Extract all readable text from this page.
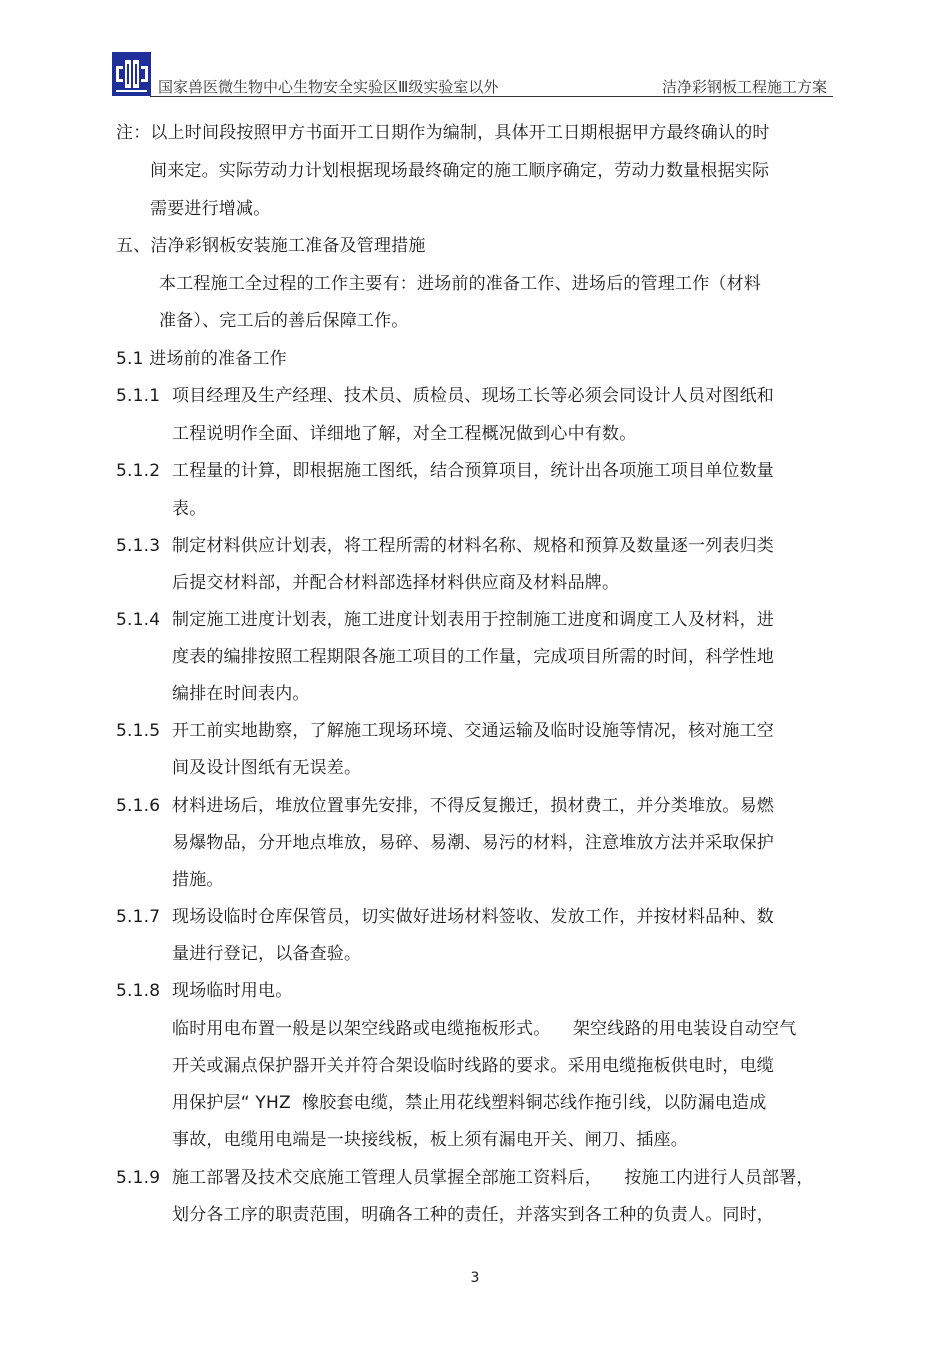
国家兽医微生物中心生物安全实验区Ⅲ级实验室以外	洁净彩钢板工程施工方案
注：以上时间段按照甲方书面开工日期作为编制，具体开工日期根据甲方最终确认的时
间来定。实际劳动力计划根据现场最终确定的施工顺序确定，劳动力数量根据实际
需要进行增减。
五、洁净彩钢板安装施工准备及管理措施
本工程施工全过程的工作主要有：进场前的准备工作、进场后的管理工作（材料
准备）、完工后的善后保障工作。
5.1 进场前的准备工作
5.1.1 项目经理及生产经理、技术员、质检员、现场工长等必须会同设计人员对图纸和
工程说明作全面、详细地了解，对全工程概况做到心中有数。
5.1.2 工程量的计算，即根据施工图纸，结合预算项目，统计出各项施工项目单位数量
表。
5.1.3 制定材料供应计划表，将工程所需的材料名称、规格和预算及数量逐一列表归类
后提交材料部，并配合材料部选择材料供应商及材料品牌。
5.1.4 制定施工进度计划表，施工进度计划表用于控制施工进度和调度工人及材料，进
度表的编排按照工程期限各施工项目的工作量，完成项目所需的时间，科学性地
编排在时间表内。
5.1.5 开工前实地勘察，了解施工现场环境、交通运输及临时设施等情况，核对施工空
间及设计图纸有无误差。
5.1.6 材料进场后，堆放位置事先安排，不得反复搬迁，损材费工，并分类堆放。易燃
易爆物品，分开地点堆放，易碎、易潮、易污的材料，注意堆放方法并采取保护
措施。
5.1.7 现场设临时仓库保管员，切实做好进场材料签收、发放工作，并按材料品种、数
量进行登记，以备查验。
5.1.8 现场临时用电。
临时用电布置一般是以架空线路或电缆拖板形式。    架空线路的用电装设自动空气
开关或漏点保护器开关并符合架设临时线路的要求。采用电缆拖板供电时，电缆
用保护层“ YHZ  橡胶套电缆，禁止用花线塑料铜芯线作拖引线，以防漏电造成
事故，电缆用电端是一块接线板，板上须有漏电开关、闸刀、插座。
5.1.9 施工部署及技术交底施工管理人员掌握全部施工资料后，    按施工内进行人员部署，
划分各工序的职责范围，明确各工种的责任，并落实到各工种的负责人。同时，
3
